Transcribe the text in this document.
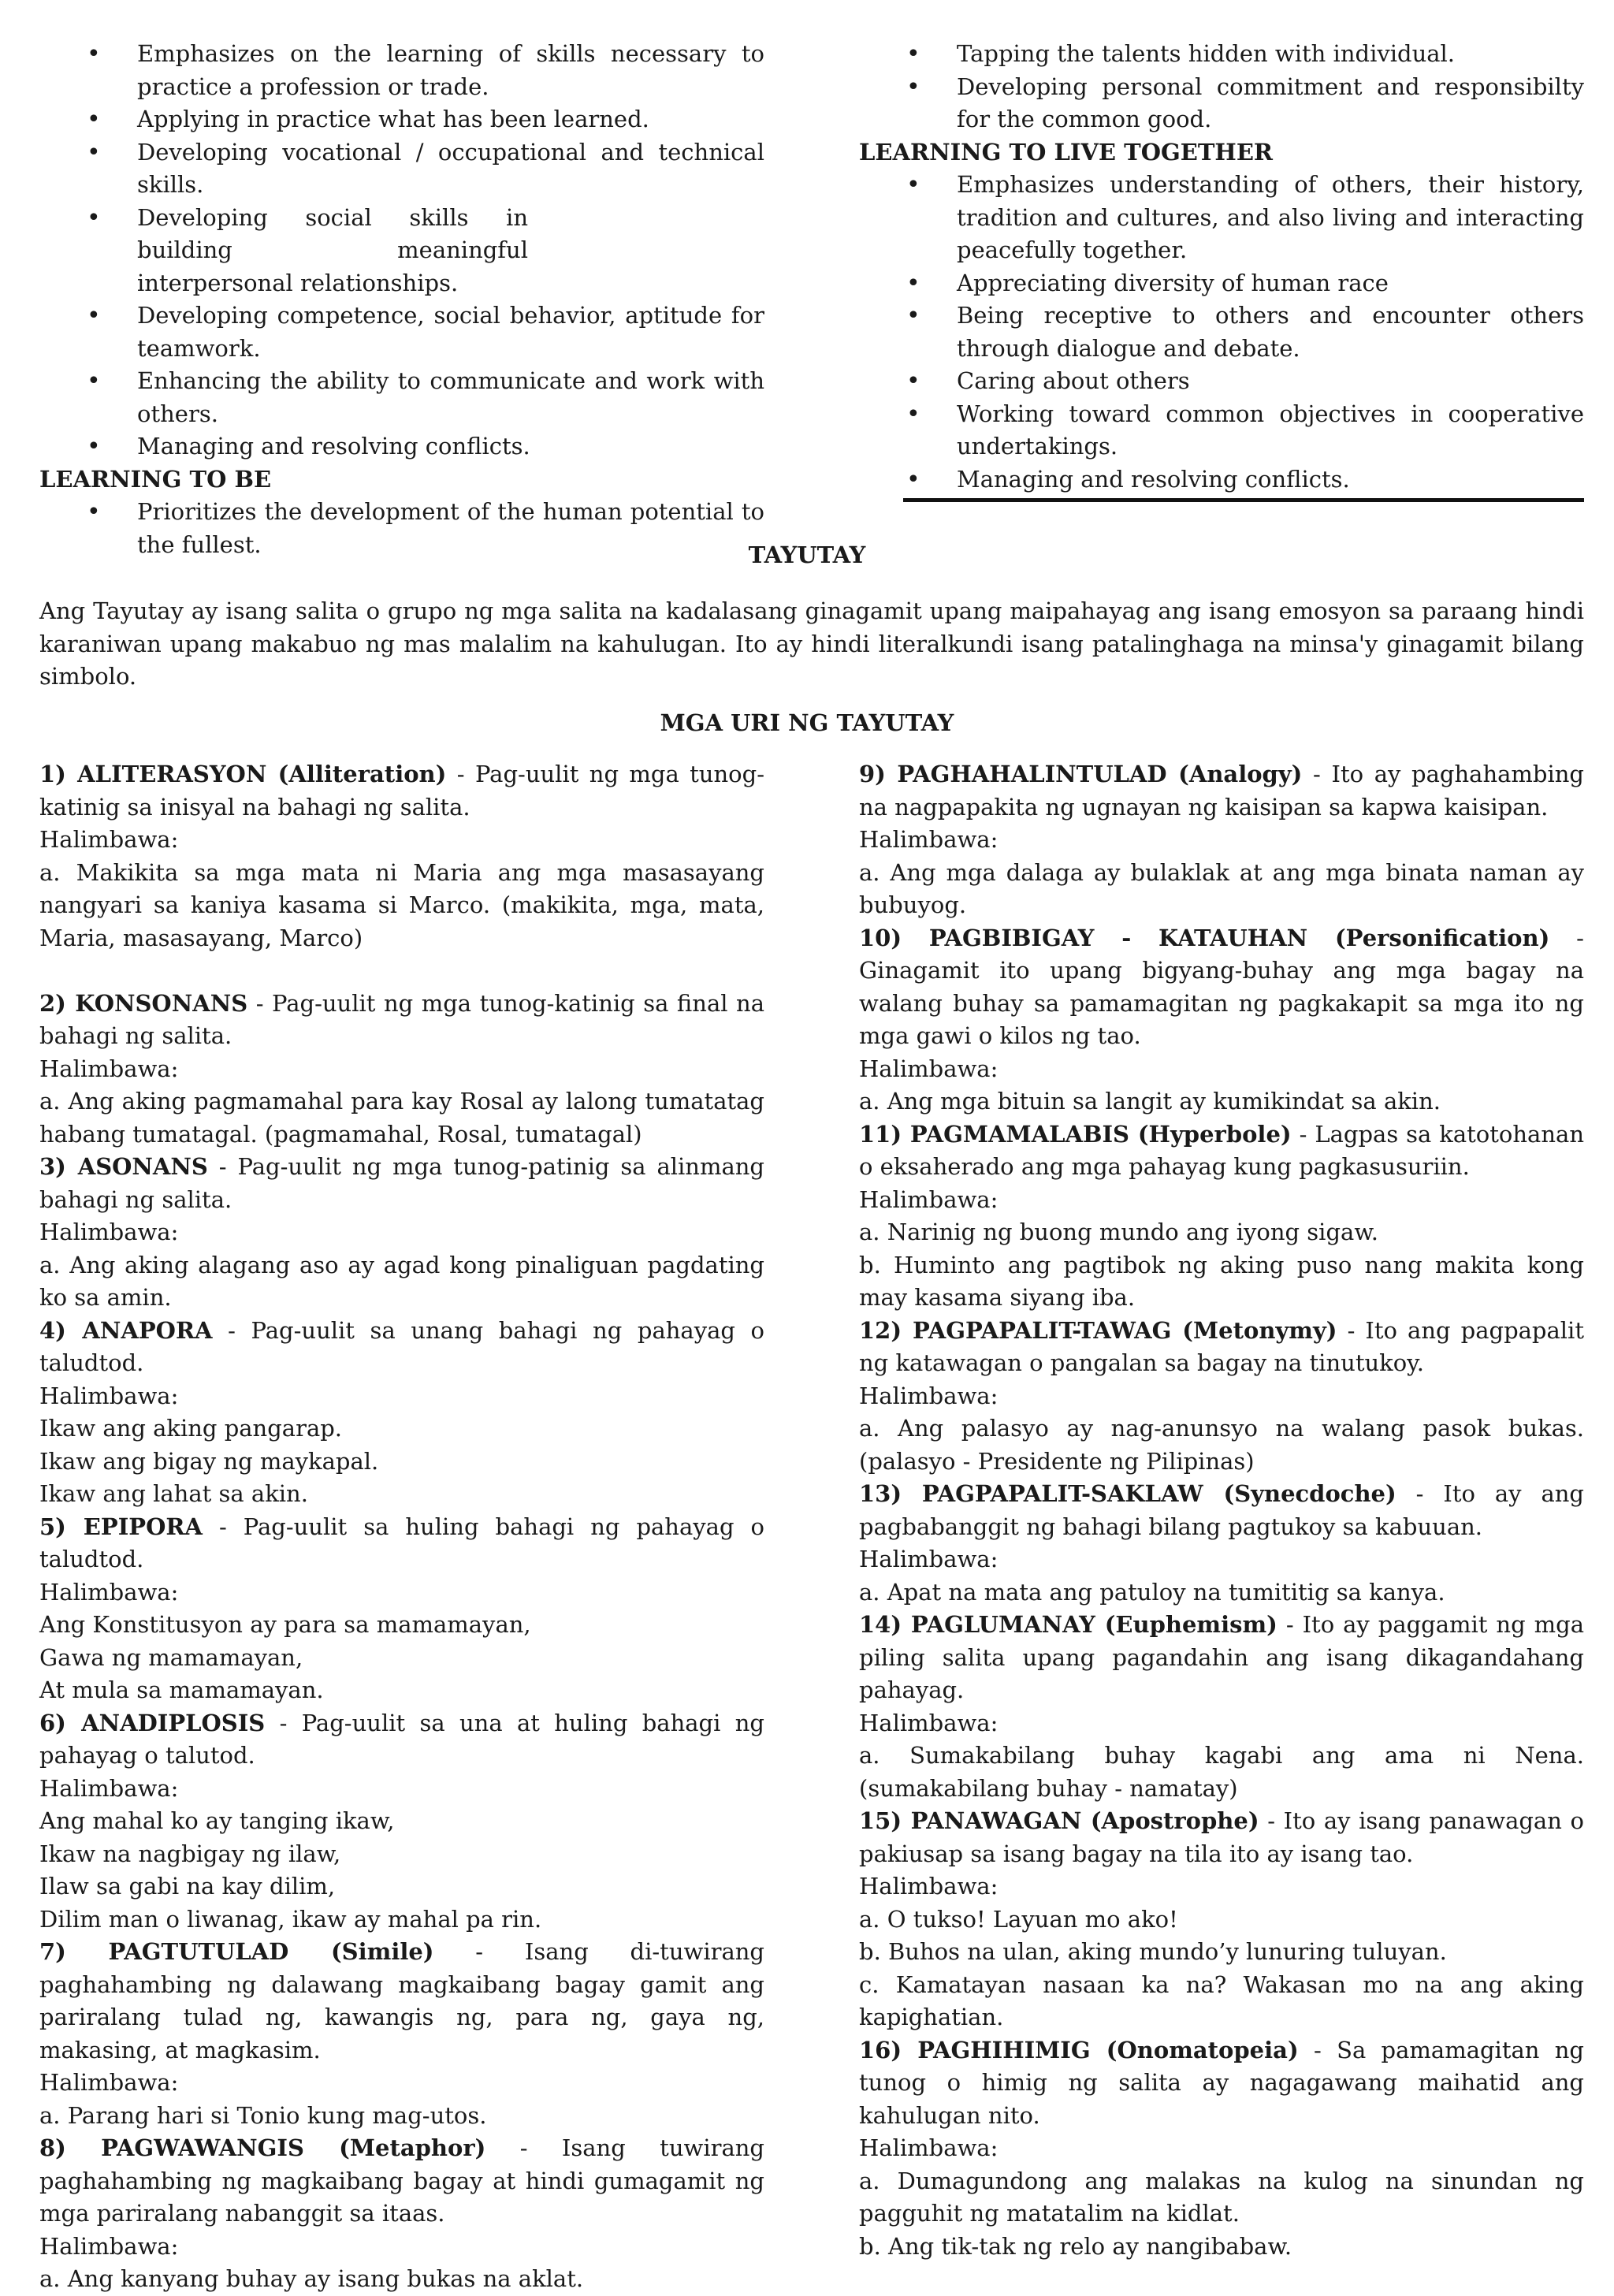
• Emphasizes on the learning of skills necessary to practice a profession or trade.
• Applying in practice what has been learned.
• Developing vocational / occupational and technical skills.
• Developing social skills in building meaningful interpersonal relationships.
• Developing competence, social behavior, aptitude for teamwork.
• Enhancing the ability to communicate and work with others.
• Managing and resolving conflicts.
LEARNING TO BE
• Prioritizes the development of the human potential to the fullest.
• Tapping the talents hidden with individual.
• Developing personal commitment and responsibilty for the common good.
LEARNING TO LIVE TOGETHER
• Emphasizes understanding of others, their history, tradition and cultures, and also living and interacting peacefully together.
• Appreciating diversity of human race
• Being receptive to others and encounter others through dialogue and debate.
• Caring about others
• Working toward common objectives in cooperative undertakings.
• Managing and resolving conflicts.
TAYUTAY
Ang Tayutay ay isang salita o grupo ng mga salita na kadalasang ginagamit upang maipahayag ang isang emosyon sa paraang hindi karaniwan upang makabuo ng mas malalim na kahulugan. Ito ay hindi literalkundi isang patalinghaga na minsa'y ginagamit bilang simbolo.
MGA URI NG TAYUTAY

1) ALITERASYON (Alliteration) - Pag-uulit ng mga tunog-katinig sa inisyal na bahagi ng salita.

Halimbawa:

a. Makikita sa mga mata ni Maria ang mga masasayang nangyari sa kaniya kasama si Marco. (makikita, mga, mata, Maria, masasayang, Marco)

2) KONSONANS - Pag-uulit ng mga tunog-katinig sa final na bahagi ng salita.

Halimbawa:

a. Ang aking pagmamahal para kay Rosal ay lalong tumatatag habang tumatagal. (pagmamahal, Rosal, tumatagal)

3) ASONANS - Pag-uulit ng mga tunog-patinig sa alinmang bahagi ng salita.

Halimbawa:

a. Ang aking alagang aso ay agad kong pinaliguan pagdating ko sa amin.

4) ANAPORA - Pag-uulit sa unang bahagi ng pahayag o taludtod.

Halimbawa:

Ikaw ang aking pangarap.

Ikaw ang bigay ng maykapal.

Ikaw ang lahat sa akin.

5) EPIPORA - Pag-uulit sa huling bahagi ng pahayag o taludtod.

Halimbawa:

Ang Konstitusyon ay para sa mamamayan,

Gawa ng mamamayan,

At mula sa mamamayan.

6) ANADIPLOSIS - Pag-uulit sa una at huling bahagi ng pahayag o talutod.

Halimbawa:

Ang mahal ko ay tanging ikaw,

Ikaw na nagbigay ng ilaw,

Ilaw sa gabi na kay dilim,

Dilim man o liwanag, ikaw ay mahal pa rin.

7) PAGTUTULAD (Simile) - Isang di-tuwirang paghahambing ng dalawang magkaibang bagay gamit ang pariralang tulad ng, kawangis ng, para ng, gaya ng, makasing, at magkasim.

Halimbawa:

a. Parang hari si Tonio kung mag-utos.

8) PAGWAWANGIS (Metaphor) - Isang tuwirang paghahambing ng magkaibang bagay at hindi gumagamit ng mga pariralang nabanggit sa itaas.

Halimbawa:

a. Ang kanyang buhay ay isang bukas na aklat.

9) PAGHAHALINTULAD (Analogy) - Ito ay paghahambing na nagpapakita ng ugnayan ng kaisipan sa kapwa kaisipan.

Halimbawa:

a. Ang mga dalaga ay bulaklak at ang mga binata naman ay bubuyog.

10) PAGBIBIGAY - KATAUHAN (Personification) - Ginagamit ito upang bigyang-buhay ang mga bagay na walang buhay sa pamamagitan ng pagkakapit sa mga ito ng mga gawi o kilos ng tao.

Halimbawa:

a. Ang mga bituin sa langit ay kumikindat sa akin.

11) PAGMAMALABIS (Hyperbole) - Lagpas sa katotohanan o eksaherado ang mga pahayag kung pagkasusuriin.

Halimbawa:

a. Narinig ng buong mundo ang iyong sigaw.

b. Huminto ang pagtibok ng aking puso nang makita kong may kasama siyang iba.

12) PAGPAPALIT-TAWAG (Metonymy) - Ito ang pagpapalit ng katawagan o pangalan sa bagay na tinutukoy.

Halimbawa:

a. Ang palasyo ay nag-anunsyo na walang pasok bukas. (palasyo - Presidente ng Pilipinas)

13) PAGPAPALIT-SAKLAW (Synecdoche) - Ito ay ang pagbabanggit ng bahagi bilang pagtukoy sa kabuuan.

Halimbawa:

a. Apat na mata ang patuloy na tumititig sa kanya.

14) PAGLUMANAY (Euphemism) - Ito ay paggamit ng mga piling salita upang pagandahin ang isang dikagandahang pahayag.

Halimbawa:

a. Sumakabilang buhay kagabi ang ama ni Nena. (sumakabilang buhay - namatay)

15) PANAWAGAN (Apostrophe) - Ito ay isang panawagan o pakiusap sa isang bagay na tila ito ay isang tao.

Halimbawa:

a. O tukso! Layuan mo ako!

b. Buhos na ulan, aking mundo’y lunuring tuluyan.

c. Kamatayan nasaan ka na? Wakasan mo na ang aking kapighatian.

16) PAGHIHIMIG (Onomatopeia) - Sa pamamagitan ng tunog o himig ng salita ay nagagawang maihatid ang kahulugan nito.

Halimbawa:

a. Dumagundong ang malakas na kulog na sinundan ng pagguhit ng matatalim na kidlat.

b. Ang tik-tak ng relo ay nangibabaw.
